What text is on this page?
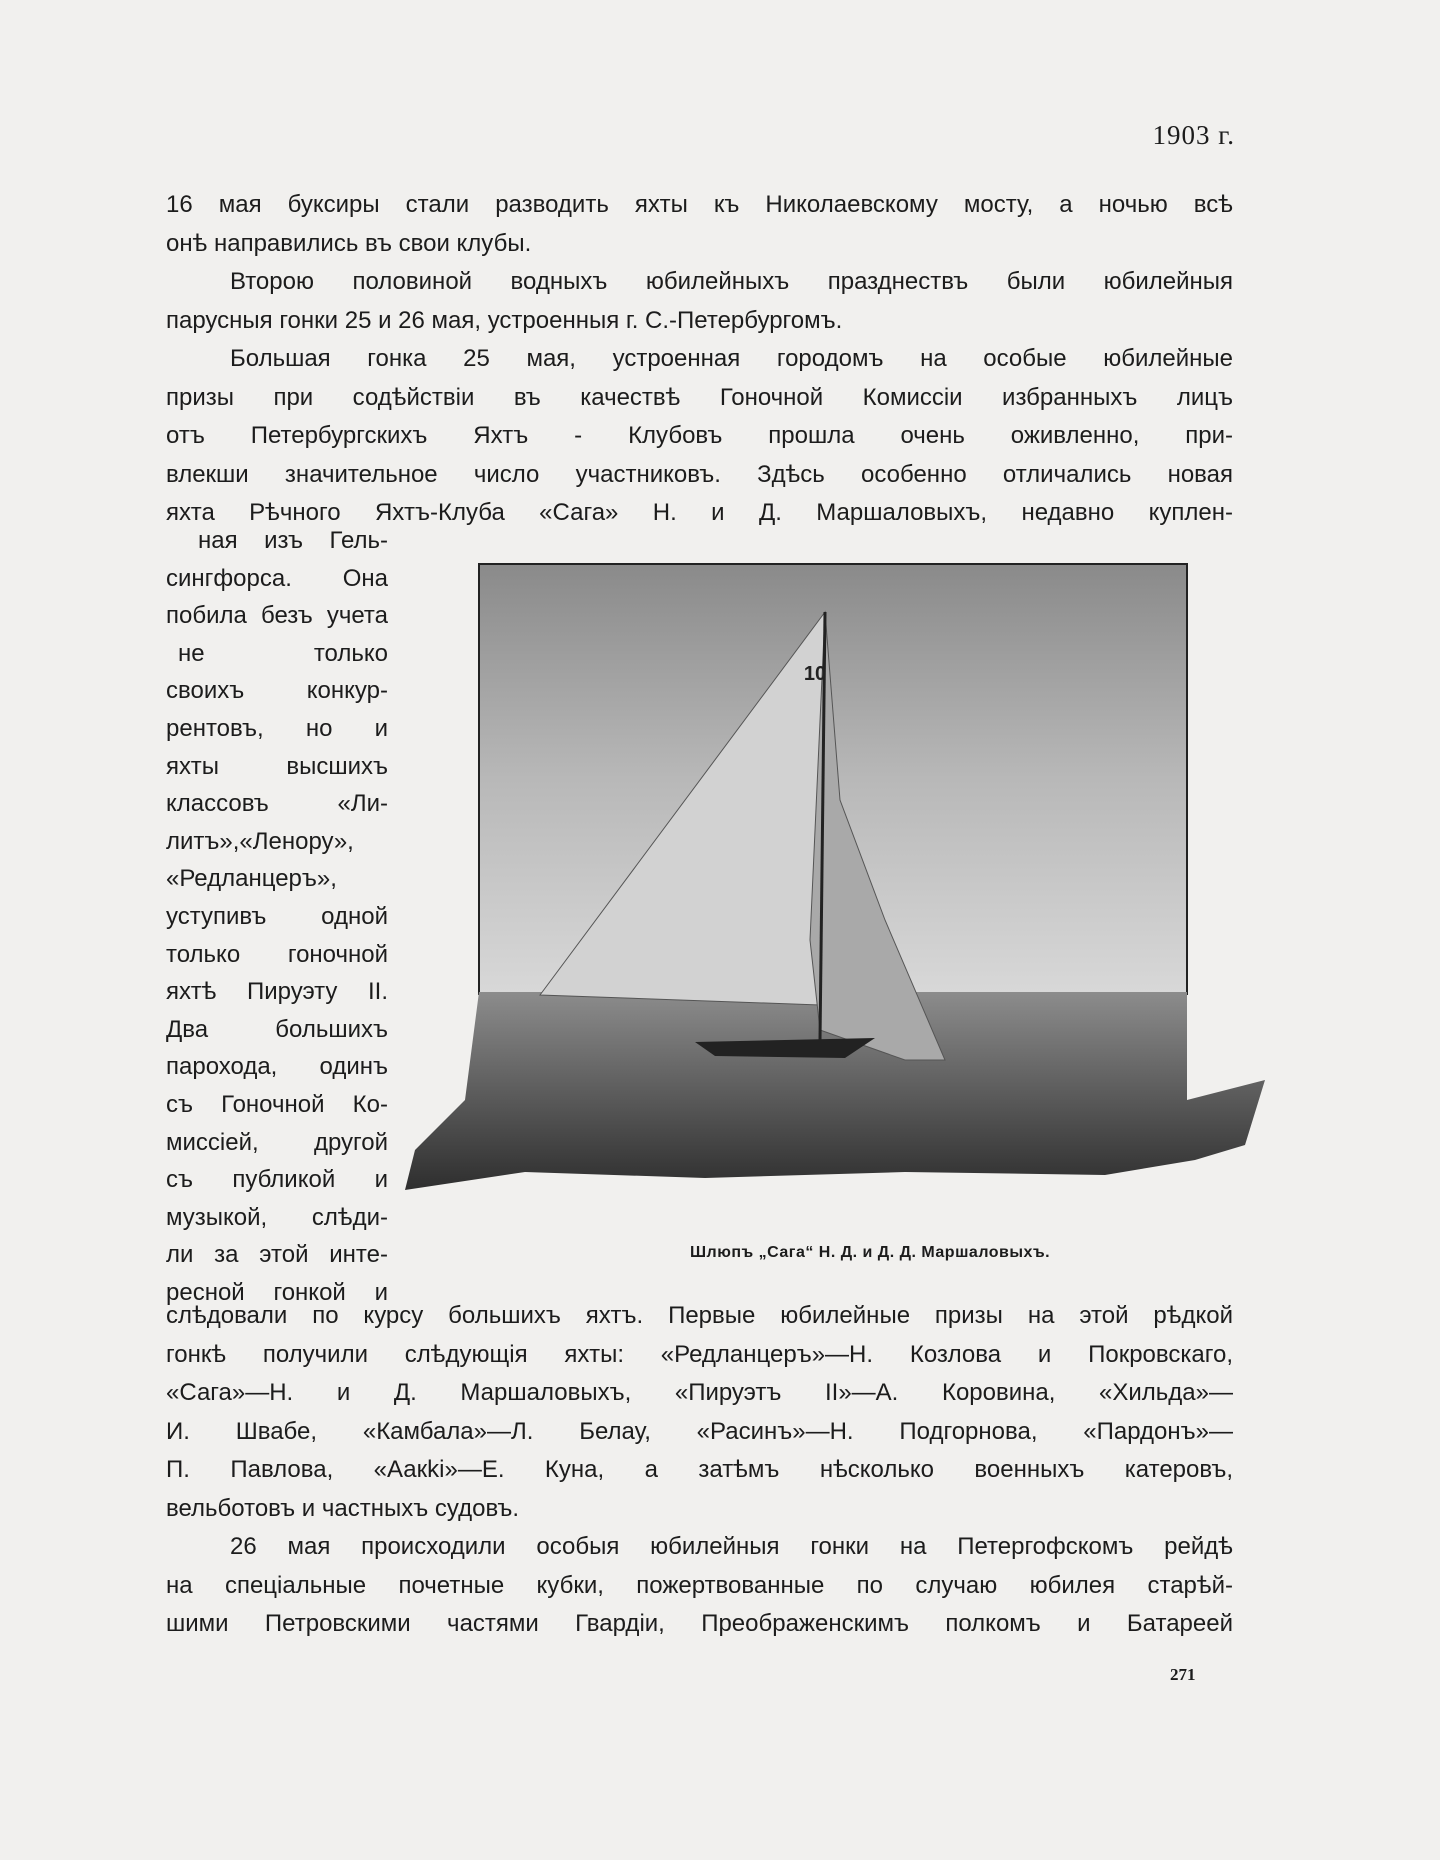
1903 г.
16 мая буксиры стали разводить яхты къ Николаевскому мосту, а ночью всѣ
онѣ направились въ свои клубы.
Второю половиной водныхъ юбилейныхъ празднествъ были юбилейныя
парусныя гонки 25 и 26 мая, устроенныя г. С.-Петербургомъ.
Большая гонка 25 мая, устроенная городомъ на особые юбилейные
призы при содѣйствіи въ качествѣ Гоночной Комиссіи избранныхъ лицъ
отъ Петербургскихъ Яхтъ - Клубовъ прошла очень оживленно, при-
влекши значительное число участниковъ. Здѣсь особенно отличались новая
яхта Рѣчного Яхтъ-Клуба «Сага» Н. и Д. Маршаловыхъ, недавно куплен-
ная изъ Гель-
сингфорса. Она
побила безъ учета
не только
своихъ конкур-
рентовъ, но и
яхты высшихъ
классовъ «Ли-
литъ»,«Ленору»,
«Редланцеръ»,
уступивъ одной
только гоночной
яхтѣ Пируэту II.
Два большихъ
парохода, одинъ
съ Гоночной Ко-
миссіей, другой
съ публикой и
музыкой, слѣди-
ли за этой инте-
ресной гонкой и
10
Шлюпъ „Сага“ Н. Д. и Д. Д. Маршаловыхъ.
слѣдовали по курсу большихъ яхтъ. Первые юбилейные призы на этой рѣдкой
гонкѣ получили слѣдующія яхты: «Редланцеръ»—Н. Козлова и Покровскаго,
«Сага»—Н. и Д. Маршаловыхъ, «Пируэтъ II»—А. Коровина, «Хильда»—
И. Швабе, «Камбала»—Л. Белау, «Расинъ»—Н. Подгорнова, «Пардонъ»—
П. Павлова, «Аакki»—Е. Куна, а затѣмъ нѣсколько военныхъ катеровъ,
вельботовъ и частныхъ судовъ.
26 мая происходили особыя юбилейныя гонки на Петергофскомъ рейдѣ
на спеціальные почетные кубки, пожертвованные по случаю юбилея старѣй-
шими Петровскими частями Гвардіи, Преображенскимъ полкомъ и Батареей
271
